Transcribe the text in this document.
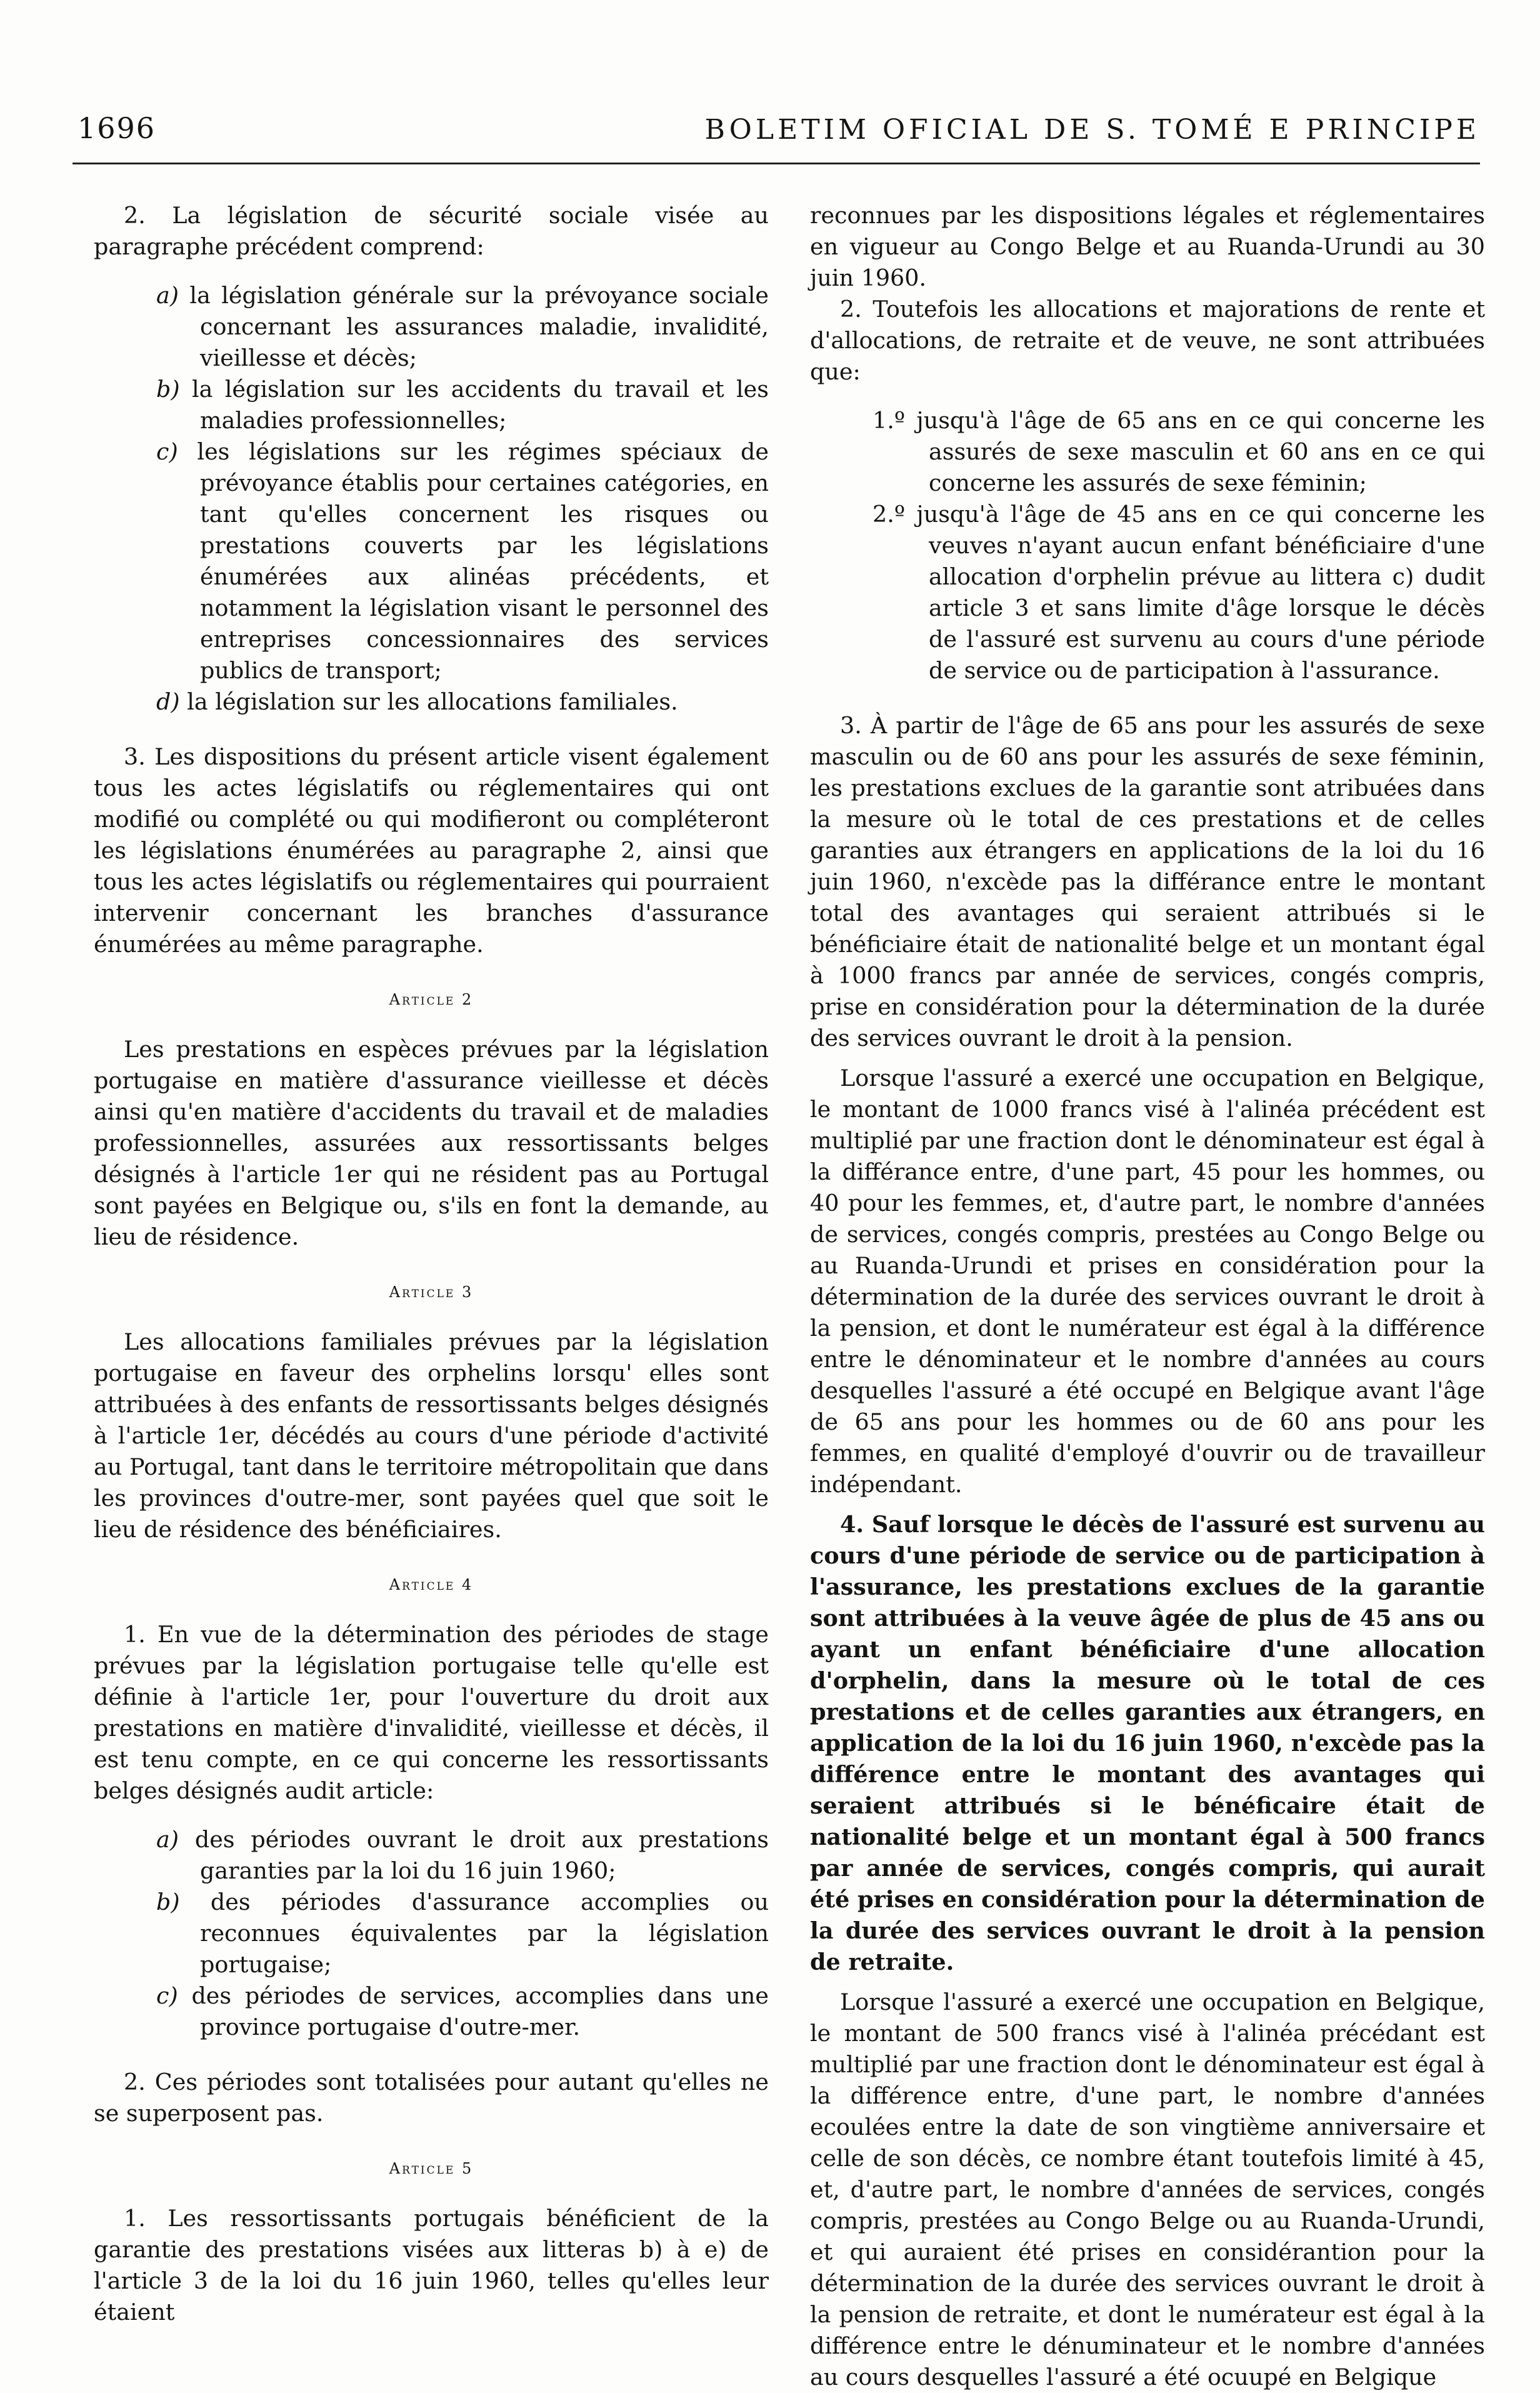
1696	BOLETIM OFICIAL DE S. TOMÉ E PRINCIPE

2. La législation de sécurité sociale visée au paragraphe précédent comprend:

a) la législation générale sur la prévoyance sociale concernant les assurances maladie, invalidité, vieillesse et décès;

b) la législation sur les accidents du travail et les maladies professionnelles;

c) les législations sur les régimes spéciaux de prévoyance établis pour certaines catégories, en tant qu'elles concernent les risques ou prestations couverts par les législations énumérées aux alinéas précédents, et notamment la législation visant le personnel des entreprises concessionnaires des services publics de transport;

d) la législation sur les allocations familiales.

3. Les dispositions du présent article visent également tous les actes législatifs ou réglementaires qui ont modifié ou complété ou qui modifieront ou compléteront les législations énumérées au paragraphe 2, ainsi que tous les actes législatifs ou réglementaires qui pourraient intervenir concernant les branches d'assurance énumérées au même paragraphe.

Article 2

Les prestations en espèces prévues par la législation portugaise en matière d'assurance vieillesse et décès ainsi qu'en matière d'accidents du travail et de maladies professionnelles, assurées aux ressortissants belges désignés à l'article 1er qui ne résident pas au Portugal sont payées en Belgique ou, s'ils en font la demande, au lieu de résidence.

Article 3

Les allocations familiales prévues par la législation portugaise en faveur des orphelins lorsqu' elles sont attribuées à des enfants de ressortissants belges désignés à l'article 1er, décédés au cours d'une période d'activité au Portugal, tant dans le territoire métropolitain que dans les provinces d'outre-mer, sont payées quel que soit le lieu de résidence des bénéficiaires.

Article 4

1. En vue de la détermination des périodes de stage prévues par la législation portugaise telle qu'elle est définie à l'article 1er, pour l'ouverture du droit aux prestations en matière d'invalidité, vieillesse et décès, il est tenu compte, en ce qui concerne les ressortissants belges désignés audit article:

a) des périodes ouvrant le droit aux prestations garanties par la loi du 16 juin 1960;

b) des périodes d'assurance accomplies ou reconnues équivalentes par la législation portugaise;

c) des périodes de services, accomplies dans une province portugaise d'outre-mer.

2. Ces périodes sont totalisées pour autant qu'elles ne se superposent pas.

Article 5

1. Les ressortissants portugais bénéficient de la garantie des prestations visées aux litteras b) à e) de l'article 3 de la loi du 16 juin 1960, telles qu'elles leur étaient

reconnues par les dispositions légales et réglementaires en vigueur au Congo Belge et au Ruanda-Urundi au 30 juin 1960.

2. Toutefois les allocations et majorations de rente et d'allocations, de retraite et de veuve, ne sont attribuées que:

1.º jusqu'à l'âge de 65 ans en ce qui concerne les assurés de sexe masculin et 60 ans en ce qui concerne les assurés de sexe féminin;

2.º jusqu'à l'âge de 45 ans en ce qui concerne les veuves n'ayant aucun enfant bénéficiaire d'une allocation d'orphelin prévue au littera c) dudit article 3 et sans limite d'âge lorsque le décès de l'assuré est survenu au cours d'une période de service ou de participation à l'assurance.

3. À partir de l'âge de 65 ans pour les assurés de sexe masculin ou de 60 ans pour les assurés de sexe féminin, les prestations exclues de la garantie sont atribuées dans la mesure où le total de ces prestations et de celles garanties aux étrangers en applications de la loi du 16 juin 1960, n'excède pas la différance entre le montant total des avantages qui seraient attribués si le bénéficiaire était de nationalité belge et un montant égal à 1000 francs par année de services, congés compris, prise en considération pour la détermination de la durée des services ouvrant le droit à la pension.

Lorsque l'assuré a exercé une occupation en Belgique, le montant de 1000 francs visé à l'alinéa précédent est multiplié par une fraction dont le dénominateur est égal à la différance entre, d'une part, 45 pour les hommes, ou 40 pour les femmes, et, d'autre part, le nombre d'années de services, congés compris, prestées au Congo Belge ou au Ruanda-Urundi et prises en considération pour la détermination de la durée des services ouvrant le droit à la pension, et dont le numérateur est égal à la différence entre le dénominateur et le nombre d'années au cours desquelles l'assuré a été occupé en Belgique avant l'âge de 65 ans pour les hommes ou de 60 ans pour les femmes, en qualité d'employé d'ouvrir ou de travailleur indépendant.

4. Sauf lorsque le décès de l'assuré est survenu au cours d'une période de service ou de participation à l'assurance, les prestations exclues de la garantie sont attribuées à la veuve âgée de plus de 45 ans ou ayant un enfant bénéficiaire d'une allocation d'orphelin, dans la mesure où le total de ces prestations et de celles garanties aux étrangers, en application de la loi du 16 juin 1960, n'excède pas la différence entre le montant des avantages qui seraient attribués si le bénéficaire était de nationalité belge et un montant égal à 500 francs par année de services, congés compris, qui aurait été prises en considération pour la détermination de la durée des services ouvrant le droit à la pension de retraite.

Lorsque l'assuré a exercé une occupation en Belgique, le montant de 500 francs visé à l'alinéa précédant est multiplié par une fraction dont le dénominateur est égal à la différence entre, d'une part, le nombre d'années ecoulées entre la date de son vingtième anniversaire et celle de son décès, ce nombre étant toutefois limité à 45, et, d'autre part, le nombre d'années de services, congés compris, prestées au Congo Belge ou au Ruanda-Urundi, et qui auraient été prises en considérantion pour la détermination de la durée des services ouvrant le droit à la pension de retraite, et dont le numérateur est égal à la différence entre le dénuminateur et le nombre d'années au cours desquelles l'assuré a été ocuupé en Belgique
